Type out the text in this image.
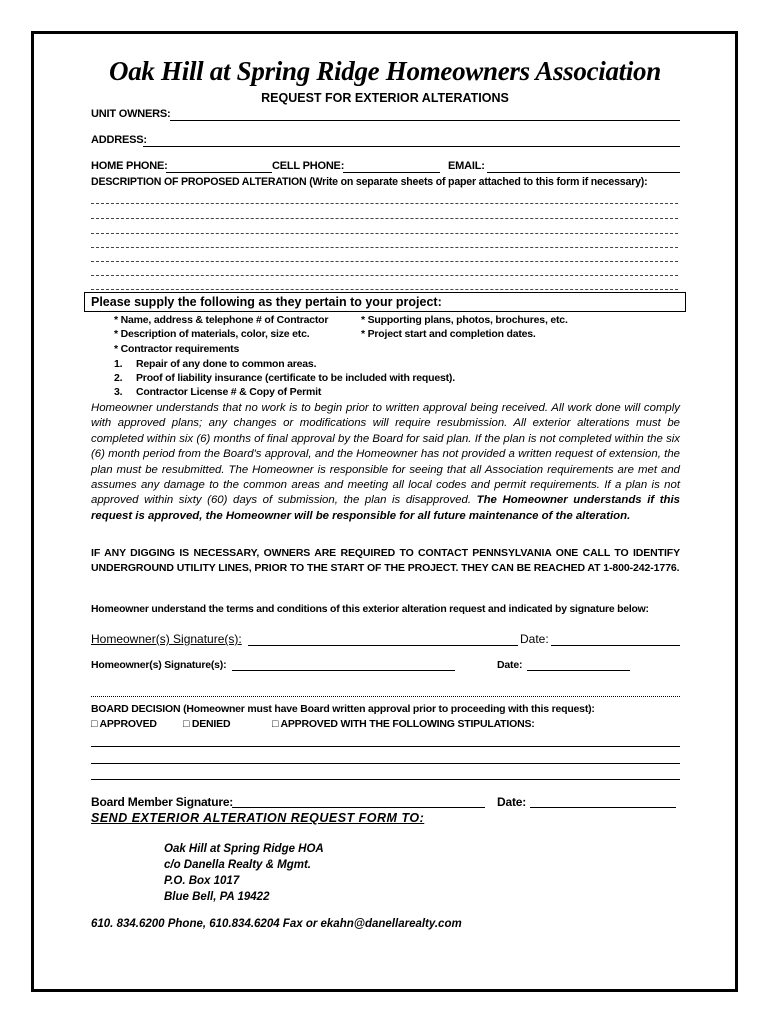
Oak Hill at Spring Ridge Homeowners Association
REQUEST FOR EXTERIOR ALTERATIONS
UNIT OWNERS:
ADDRESS:
HOME PHONE:	CELL PHONE:	EMAIL:
DESCRIPTION OF PROPOSED ALTERATION (Write on separate sheets of paper attached to this form if necessary):
Please supply the following as they pertain to your project:
* Name, address & telephone # of Contractor
* Description of materials, color, size etc.
* Contractor requirements
* Supporting plans, photos, brochures, etc.
* Project start and completion dates.
1. Repair of any done to common areas.
2. Proof of liability insurance (certificate to be included with request).
3. Contractor License # & Copy of Permit
Homeowner understands that no work is to begin prior to written approval being received. All work done will comply with approved plans; any changes or modifications will require resubmission. All exterior alterations must be completed within six (6) months of final approval by the Board for said plan. If the plan is not completed within the six (6) month period from the Board's approval, and the Homeowner has not provided a written request of extension, the plan must be resubmitted. The Homeowner is responsible for seeing that all Association requirements are met and assumes any damage to the common areas and meeting all local codes and permit requirements. If a plan is not approved within sixty (60) days of submission, the plan is disapproved. The Homeowner understands if this request is approved, the Homeowner will be responsible for all future maintenance of the alteration.
IF ANY DIGGING IS NECESSARY, OWNERS ARE REQUIRED TO CONTACT PENNSYLVANIA ONE CALL TO IDENTIFY UNDERGROUND UTILITY LINES, PRIOR TO THE START OF THE PROJECT. THEY CAN BE REACHED AT 1-800-242-1776.
Homeowner understand the terms and conditions of this exterior alteration request and indicated by signature below:
Homeowner(s) Signature(s):	Date:
Homeowner(s) Signature(s):	Date:
BOARD DECISION (Homeowner must have Board written approval prior to proceeding with this request):
□ APPROVED □ DENIED	□ APPROVED WITH THE FOLLOWING STIPULATIONS:
Board Member Signature:	Date:
SEND EXTERIOR ALTERATION REQUEST FORM TO:
Oak Hill at Spring Ridge HOA
c/o Danella Realty & Mgmt.
P.O. Box 1017
Blue Bell, PA 19422
610. 834.6200 Phone, 610.834.6204 Fax or ekahn@danellarealty.com
